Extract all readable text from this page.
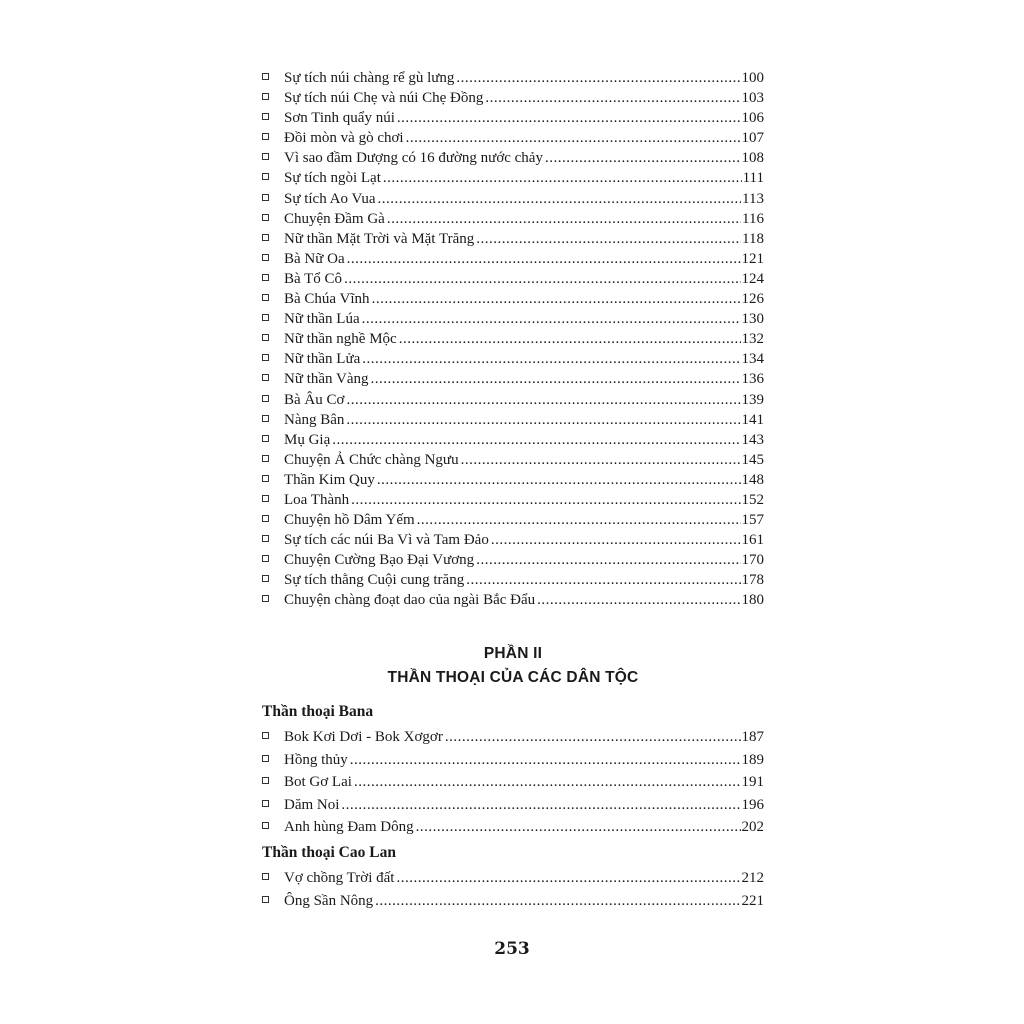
Sự tích núi chàng rể gù lưng .....	100
Sự tích núi Chẹ và núi Chẹ Đồng .....	103
Sơn Tinh quẩy núi .....	106
Đồi mòn và gò chơi .....	107
Vì sao đầm Dượng có 16 đường nước chảy .....	108
Sự tích ngòi Lạt .....	111
Sự tích Ao Vua .....	113
Chuyện Đầm Gà .....	116
Nữ thần Mặt Trời và Mặt Trăng .....	118
Bà Nữ Oa .....	121
Bà Tổ Cô .....	124
Bà Chúa Vĩnh .....	126
Nữ thần Lúa .....	130
Nữ thần nghề Mộc .....	132
Nữ thần Lửa .....	134
Nữ thần Vàng .....	136
Bà Âu Cơ .....	139
Nàng Bân .....	141
Mụ Giạ .....	143
Chuyện Ả Chức chàng Ngưu .....	145
Thần Kim Quy .....	148
Loa Thành .....	152
Chuyện hồ Dâm Yếm .....	157
Sự tích các núi Ba Vì và Tam Đảo .....	161
Chuyện Cường Bạo Đại Vương .....	170
Sự tích thằng Cuội cung trăng .....	178
Chuyện chàng đoạt dao của ngài Bắc Đẩu .....	180
PHẦN II
THẦN THOẠI CỦA CÁC DÂN TỘC
Thần thoại Bana
Bok Kơi Dơi - Bok Xơgơr .....	187
Hồng thủy .....	189
Bot Gơ Lai .....	191
Dăm Noi .....	196
Anh hùng Đam Dông .....	202
Thần thoại Cao Lan
Vợ chồng Trời đất .....	212
Ông Sần Nông .....	221
253
